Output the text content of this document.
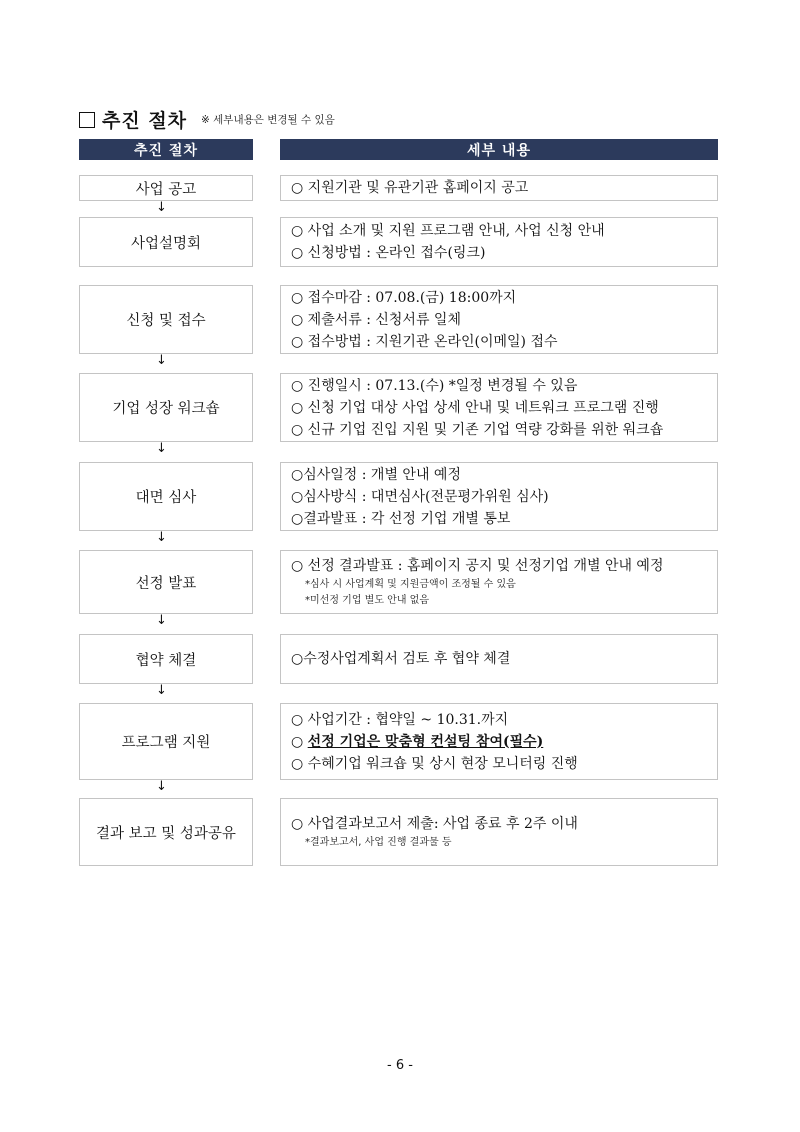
추진 절차 ※ 세부내용은 변경될 수 있음
추진 절차	세부 내용
사업 공고	○ 지원기관 및 유관기관 홈페이지 공고
↓
사업설명회
○ 사업 소개 및 지원 프로그램 안내, 사업 신청 안내
○ 신청방법 : 온라인 접수(링크)
신청 및 접수
○ 접수마감 : 07.08.(금) 18:00까지
○ 제출서류 : 신청서류 일체
○ 접수방법 : 지원기관 온라인(이메일) 접수
↓
기업 성장 워크숍
○ 진행일시 : 07.13.(수) *일정 변경될 수 있음
○ 신청 기업 대상 사업 상세 안내 및 네트워크 프로그램 진행
○ 신규 기업 진입 지원 및 기존 기업 역량 강화를 위한 워크숍
↓
대면 심사
○심사일정 : 개별 안내 예정
○심사방식 : 대면심사(전문평가위원 심사)
○결과발표 : 각 선정 기업 개별 통보
↓
선정 발표
○ 선정 결과발표 : 홈페이지 공지 및 선정기업 개별 안내 예정
*심사 시 사업계획 및 지원금액이 조정될 수 있음
*미선정 기업 별도 안내 없음
↓
협약 체결	○수정사업계획서 검토 후 협약 체결
↓
프로그램 지원
○ 사업기간 : 협약일 ~ 10.31.까지
○ 선정 기업은 맞춤형 컨설팅 참여(필수)
○ 수혜기업 워크숍 및 상시 현장 모니터링 진행
↓
결과 보고 및 성과공유
○ 사업결과보고서 제출: 사업 종료 후 2주 이내
*결과보고서, 사업 진행 결과물 등
- 6 -
